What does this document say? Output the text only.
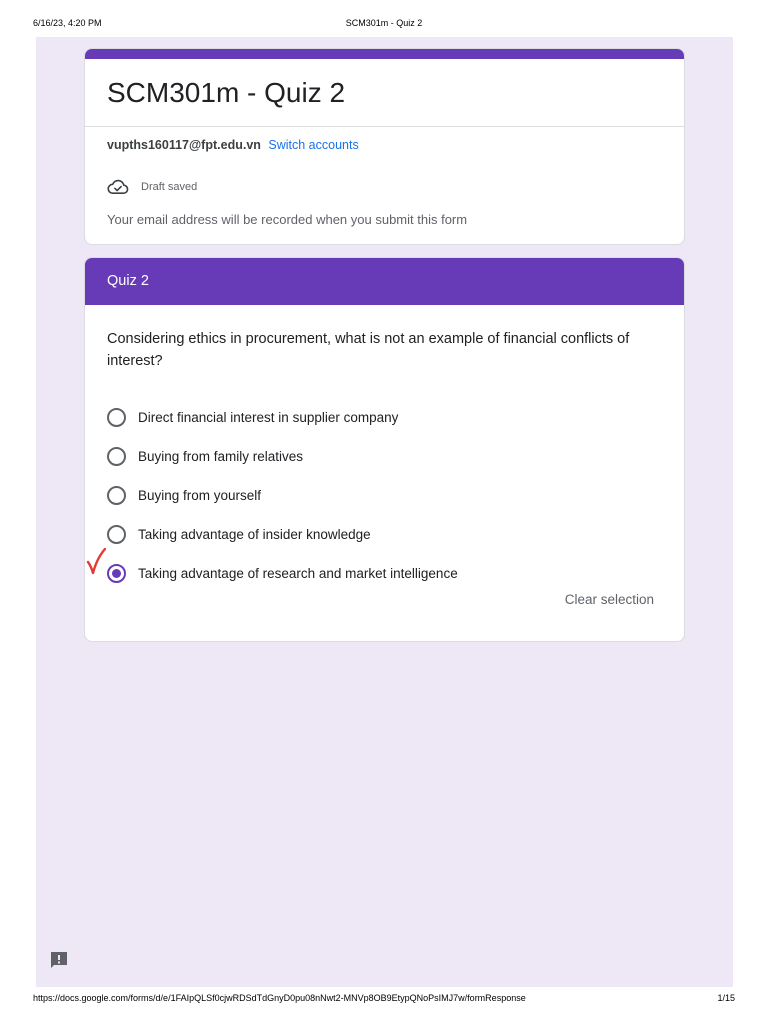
6/16/23, 4:20 PM	SCM301m - Quiz 2
SCM301m - Quiz 2
vupths160117@fpt.edu.vn Switch accounts
Draft saved
Your email address will be recorded when you submit this form
Quiz 2
Considering ethics in procurement, what is not an example of financial conflicts of interest?
Direct financial interest in supplier company
Buying from family relatives
Buying from yourself
Taking advantage of insider knowledge
Taking advantage of research and market intelligence
Clear selection
https://docs.google.com/forms/d/e/1FAIpQLSf0cjwRDSdTdGnyD0pu08nNwt2-MNVp8OB9EtypQNoPsIMJ7w/formResponse	1/15
